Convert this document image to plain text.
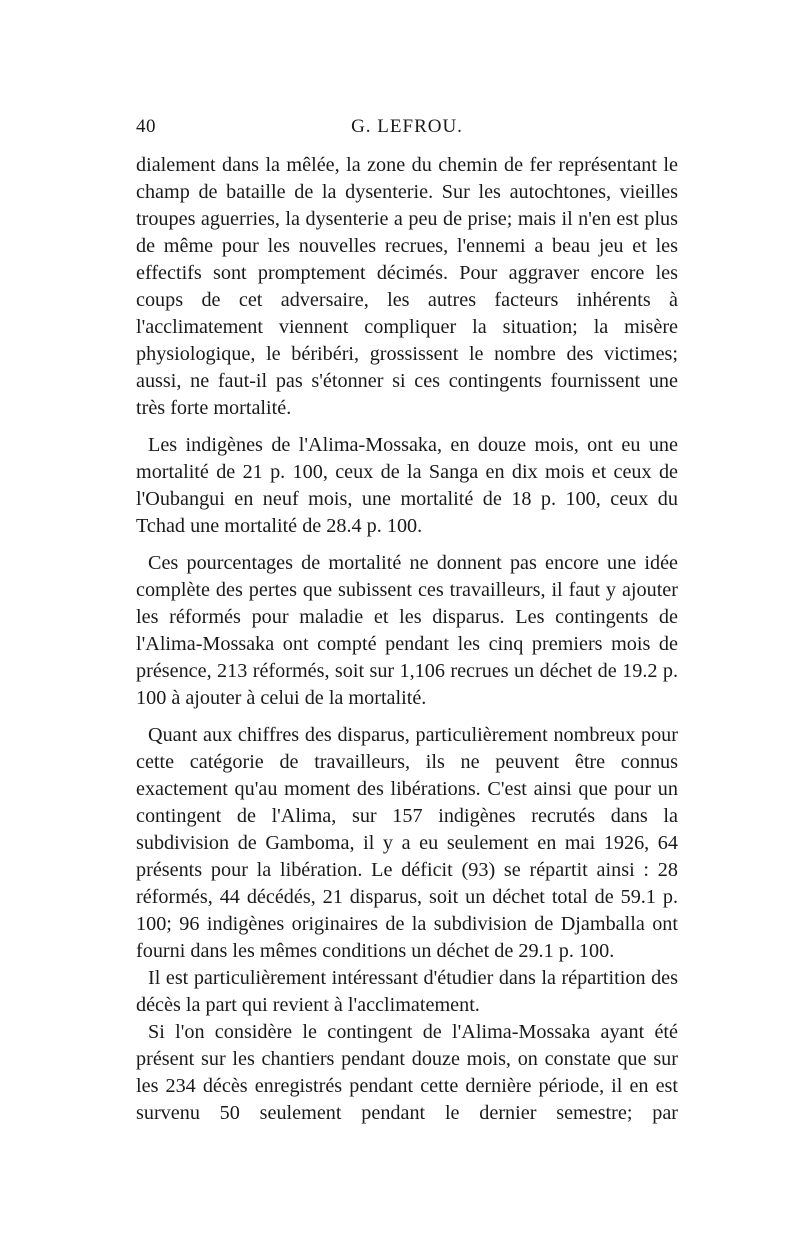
40	G. LEFROU.

dialement dans la mêlée, la zone du chemin de fer représentant le champ de bataille de la dysenterie. Sur les autochtones, vieilles troupes aguerries, la dysenterie a peu de prise; mais il n'en est plus de même pour les nouvelles recrues, l'ennemi a beau jeu et les effectifs sont promptement décimés. Pour aggraver encore les coups de cet adversaire, les autres facteurs inhérents à l'acclimatement viennent compliquer la situation; la misère physiologique, le béribéri, grossissent le nombre des victimes; aussi, ne faut-il pas s'étonner si ces contingents fournissent une très forte mortalité.

Les indigènes de l'Alima-Mossaka, en douze mois, ont eu une mortalité de 21 p. 100, ceux de la Sanga en dix mois et ceux de l'Oubangui en neuf mois, une mortalité de 18 p. 100, ceux du Tchad une mortalité de 28.4 p. 100.

Ces pourcentages de mortalité ne donnent pas encore une idée complète des pertes que subissent ces travailleurs, il faut y ajouter les réformés pour maladie et les disparus. Les contingents de l'Alima-Mossaka ont compté pendant les cinq premiers mois de présence, 213 réformés, soit sur 1,106 recrues un déchet de 19.2 p. 100 à ajouter à celui de la mortalité.

Quant aux chiffres des disparus, particulièrement nombreux pour cette catégorie de travailleurs, ils ne peuvent être connus exactement qu'au moment des libérations. C'est ainsi que pour un contingent de l'Alima, sur 157 indigènes recrutés dans la subdivision de Gamboma, il y a eu seulement en mai 1926, 64 présents pour la libération. Le déficit (93) se répartit ainsi : 28 réformés, 44 décédés, 21 disparus, soit un déchet total de 59.1 p. 100; 96 indigènes originaires de la subdivision de Djamballa ont fourni dans les mêmes conditions un déchet de 29.1 p. 100.

Il est particulièrement intéressant d'étudier dans la répartition des décès la part qui revient à l'acclimatement.

Si l'on considère le contingent de l'Alima-Mossaka ayant été présent sur les chantiers pendant douze mois, on constate que sur les 234 décès enregistrés pendant cette dernière période, il en est survenu 50 seulement pendant le dernier semestre; par
